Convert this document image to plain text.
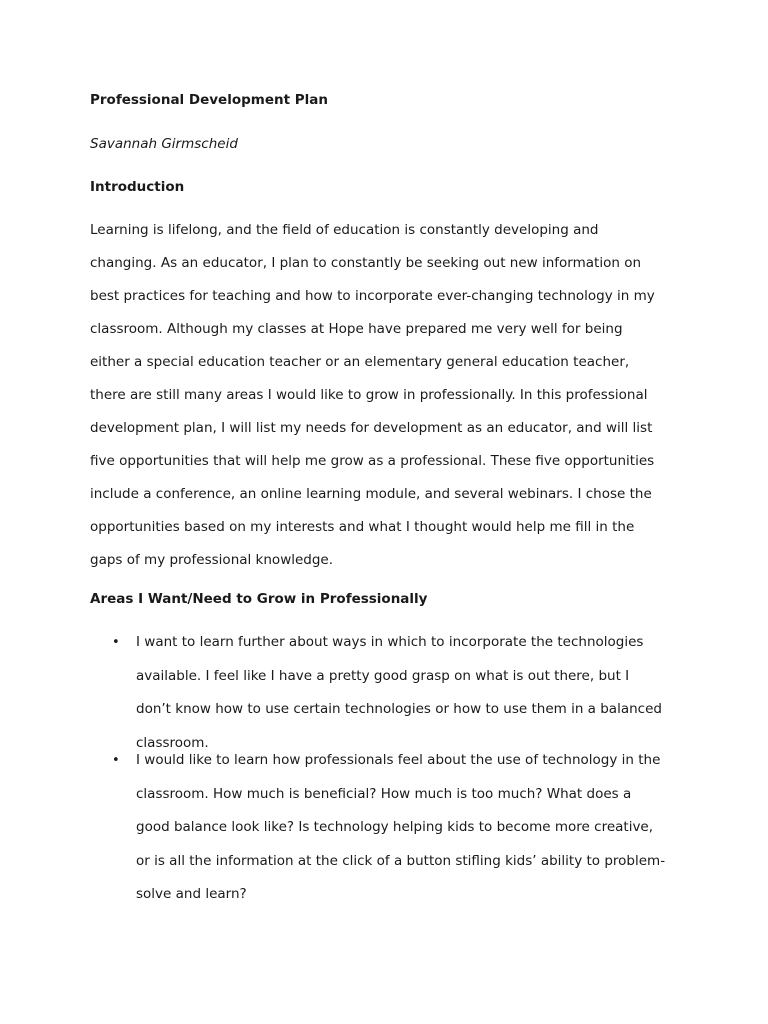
Professional Development Plan

Savannah Girmscheid

Introduction

Learning is lifelong, and the field of education is constantly developing and
changing. As an educator, I plan to constantly be seeking out new information on
best practices for teaching and how to incorporate ever-changing technology in my
classroom. Although my classes at Hope have prepared me very well for being
either a special education teacher or an elementary general education teacher,
there are still many areas I would like to grow in professionally. In this professional
development plan, I will list my needs for development as an educator, and will list
five opportunities that will help me grow as a professional. These five opportunities
include a conference, an online learning module, and several webinars. I chose the
opportunities based on my interests and what I thought would help me fill in the
gaps of my professional knowledge.

Areas I Want/Need to Grow in Professionally

• I want to learn further about ways in which to incorporate the technologies
available. I feel like I have a pretty good grasp on what is out there, but I
don’t know how to use certain technologies or how to use them in a balanced
classroom.
• I would like to learn how professionals feel about the use of technology in the
classroom. How much is beneficial? How much is too much? What does a
good balance look like? Is technology helping kids to become more creative,
or is all the information at the click of a button stifling kids’ ability to problem-
solve and learn?
